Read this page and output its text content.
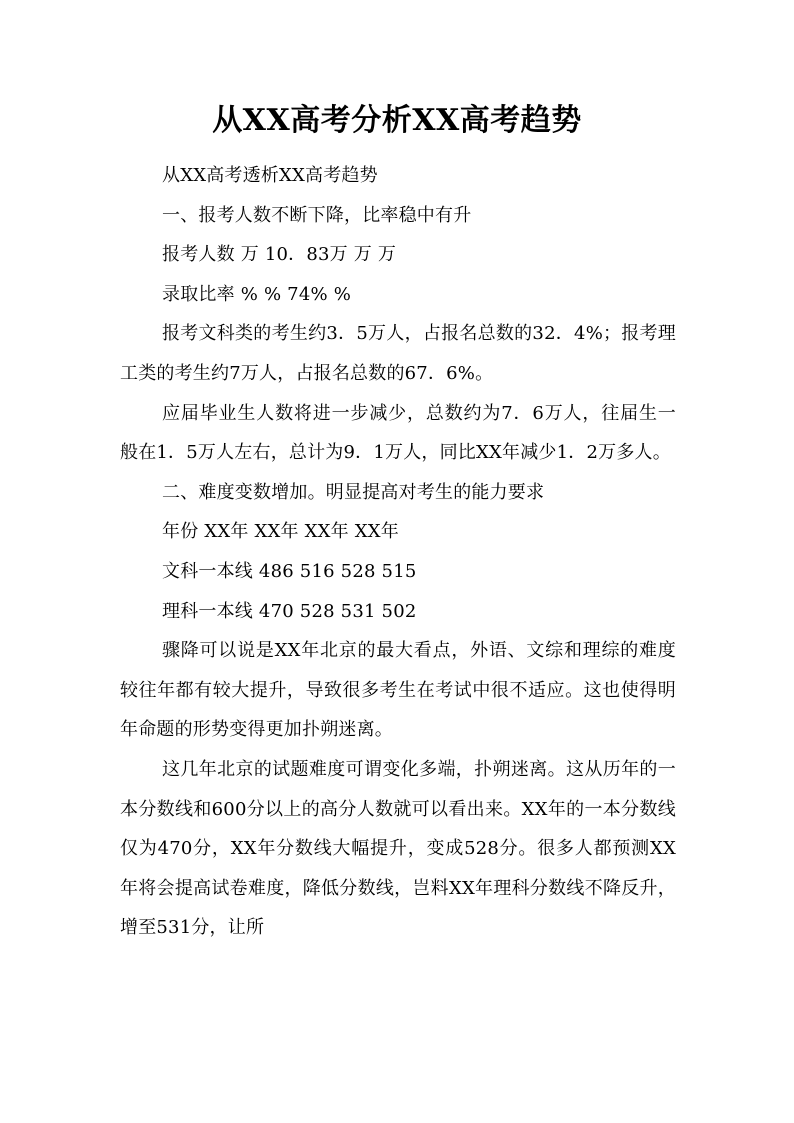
从XX高考分析XX高考趋势

从XX高考透析XX高考趋势

一、报考人数不断下降，比率稳中有升

报考人数 万 10．83万 万 万

录取比率 % % 74% %

报考文科类的考生约3．5万人，占报名总数的32．4%；报考理工类的考生约7万人，占报名总数的67．6%。

应届毕业生人数将进一步减少，总数约为7．6万人，往届生一般在1．5万人左右，总计为9．1万人，同比XX年减少1．2万多人。

二、难度变数增加。明显提高对考生的能力要求

年份 XX年 XX年 XX年 XX年

文科一本线 486 516 528 515

理科一本线 470 528 531 502

骤降可以说是XX年北京的最大看点，外语、文综和理综的难度较往年都有较大提升，导致很多考生在考试中很不适应。这也使得明年命题的形势变得更加扑朔迷离。

这几年北京的试题难度可谓变化多端，扑朔迷离。这从历年的一本分数线和600分以上的高分人数就可以看出来。XX年的一本分数线仅为470分，XX年分数线大幅提升，变成528分。很多人都预测XX年将会提高试卷难度，降低分数线，岂料XX年理科分数线不降反升，增至531分，让所
